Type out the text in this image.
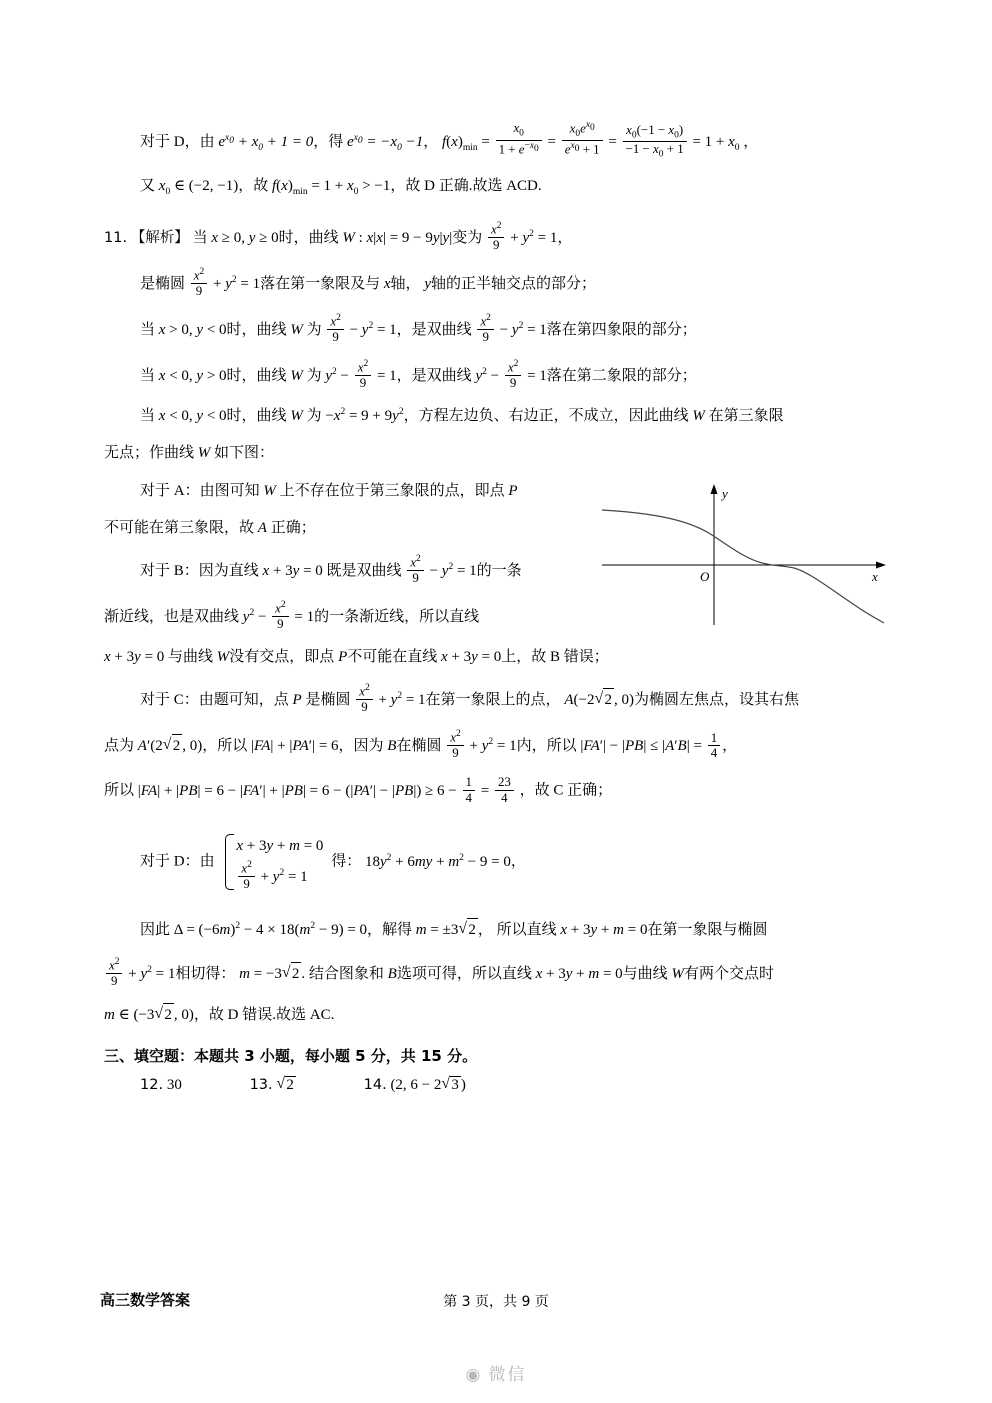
对于 D，由 $e^{x_0} + x_0 + 1 = 0$，得 $e^{x_0} = -x_0 -1$， $f(x)_{min} = \frac{x_0}{1 + e^{-x_0}} = \frac{x_0e^{x_0}}{e^{x_0} + 1} = \frac{x_0(-1 - x_0)}{-1 - x_0 + 1} = 1 + x_0$ ，

又 $x_0$ ∈ (−2, −1)，故 $f(x)_{min} = 1 + x_0 > -1$，故 D 正确.故选 ACD.

11. 【解析】 当 x ≥ 0, y ≥ 0时，曲线 W : x|x| = 9 − 9y|y|变为 $\frac{x^2}{9} + y^2 = 1$，

是椭圆 $\frac{x^2}{9} + y^2 = 1$落在第一象限及与 x轴， y轴的正半轴交点的部分；

当 x > 0, y < 0时，曲线 W 为 $\frac{x^2}{9} - y^2 = 1$，是双曲线 $\frac{x^2}{9} - y^2 = 1$落在第四象限的部分；

当 x < 0, y > 0时，曲线 W 为 $y^2 - \frac{x^2}{9} = 1$，是双曲线 $y^2 - \frac{x^2}{9} = 1$落在第二象限的部分；

当 x < 0, y < 0时，曲线 W 为 $-x^2 = 9 + 9y^2$，方程左边负、右边正，不成立，因此曲线 W 在第三象限

无点；作曲线 W 如下图：

y
x
O

对于 A：由图可知 W 上不存在位于第三象限的点，即点 P

不可能在第三象限，故 A 正确；

对于 B：因为直线 x + 3y = 0 既是双曲线 $\frac{x^2}{9} - y^2 = 1$的一条

渐近线，也是双曲线 $y^2 - \frac{x^2}{9} = 1$的一条渐近线，所以直线

x + 3y = 0 与曲线 W没有交点，即点 P不可能在直线 x + 3y = 0上，故 B 错误；

对于 C：由题可知，点 P 是椭圆 $\frac{x^2}{9} + y^2 = 1$在第一象限上的点， A(−2 √ 2 , 0)为椭圆左焦点，设其右焦

点为 A′(2 √ 2 , 0)，所以 |FA| + |PA′| = 6，因为 B在椭圆 $\frac{x^2}{9} + y^2 = 1$内，所以 $|FA'| - |PB| \le |A'B| = \frac{1}{4}$ ，

所以 $|FA| + |PB| = 6 - |FA'| + |PB| = 6 - (|PA'| - |PB|) \ge 6 - \frac{1}{4} = \frac{23}{4}$ ，故 C 正确；

对于 D：由
x + 3y + m = 0
$\frac{x^2}{9} + y^2 = 1$
得： $18y^2 + 6my + m^2 - 9 = 0$，

因此 $\Delta = (-6m)^2 - 4 \times 18(m^2 - 9) = 0$，解得 m = ±3 √ 2 ， 所以直线 x + 3y + m = 0在第一象限与椭圆

$\frac{x^2}{9} + y^2 = 1$相切得： m = −3 √ 2 . 结合图象和 B选项可得，所以直线 x + 3y + m = 0与曲线 W有两个交点时

m ∈ (−3 √ 2 , 0)，故 D 错误.故选 AC.

三、填空题：本题共 3 小题，每小题 5 分，共 15 分。

12. 30	13. √ 2	14. (2, 6 − 2 √ 3 )
高三数学答案	第 3 页，共 9 页
◉ 微信
